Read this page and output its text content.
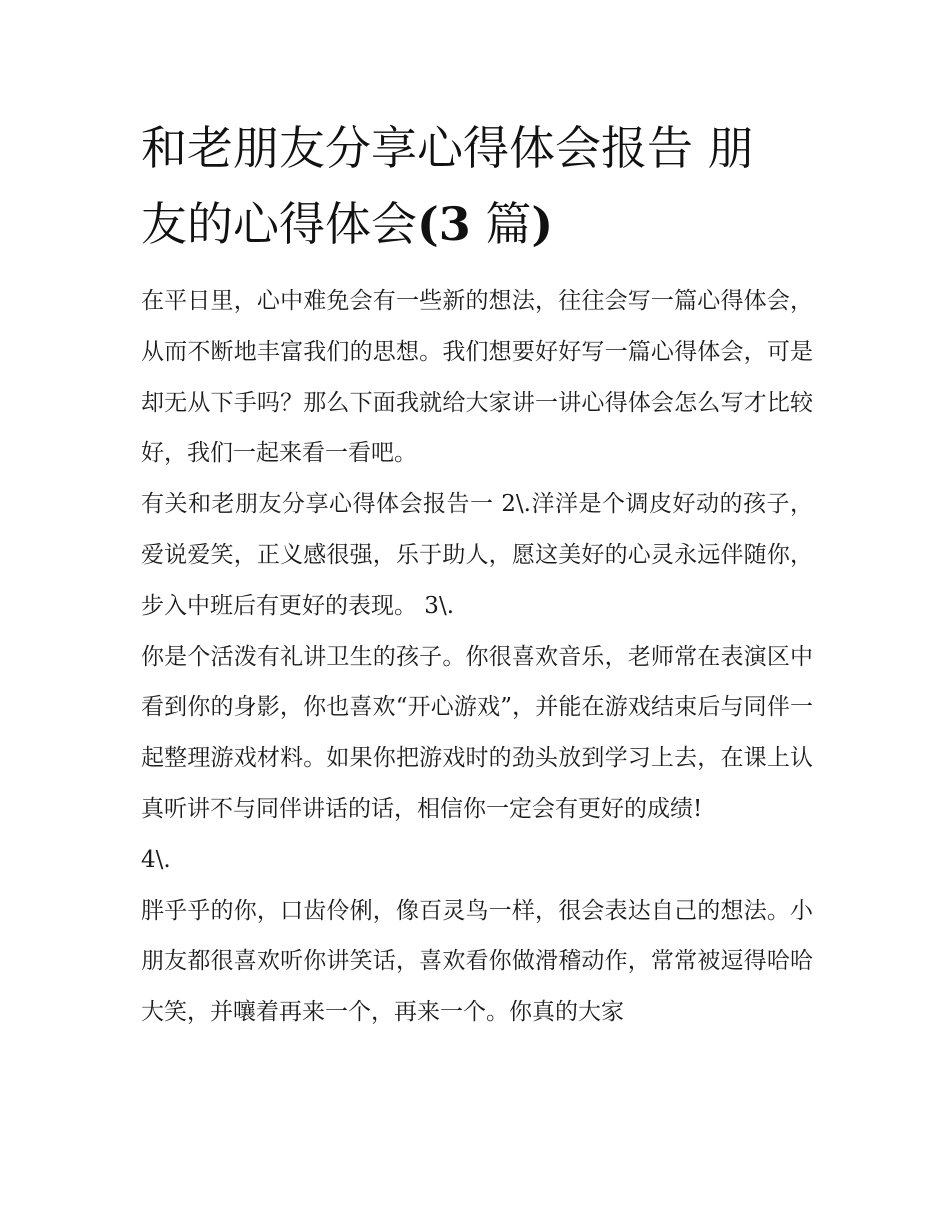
和老朋友分享心得体会报告 朋
友的心得体会(3 篇)

在平日里，心中难免会有一些新的想法，往往会写一篇心得体会，从而不断地丰富我们的思想。我们想要好好写一篇心得体会，可是却无从下手吗？那么下面我就给大家讲一讲心得体会怎么写才比较好，我们一起来看一看吧。

有关和老朋友分享心得体会报告一 2\.洋洋是个调皮好动的孩子，爱说爱笑，正义感很强，乐于助人，愿这美好的心灵永远伴随你，步入中班后有更好的表现。 3\.

你是个活泼有礼讲卫生的孩子。你很喜欢音乐，老师常在表演区中看到你的身影，你也喜欢“开心游戏”，并能在游戏结束后与同伴一起整理游戏材料。如果你把游戏时的劲头放到学习上去，在课上认真听讲不与同伴讲话的话，相信你一定会有更好的成绩!

4\.

胖乎乎的你，口齿伶俐，像百灵鸟一样，很会表达自己的想法。小朋友都很喜欢听你讲笑话，喜欢看你做滑稽动作，常常被逗得哈哈大笑，并嚷着再来一个，再来一个。你真的大家
